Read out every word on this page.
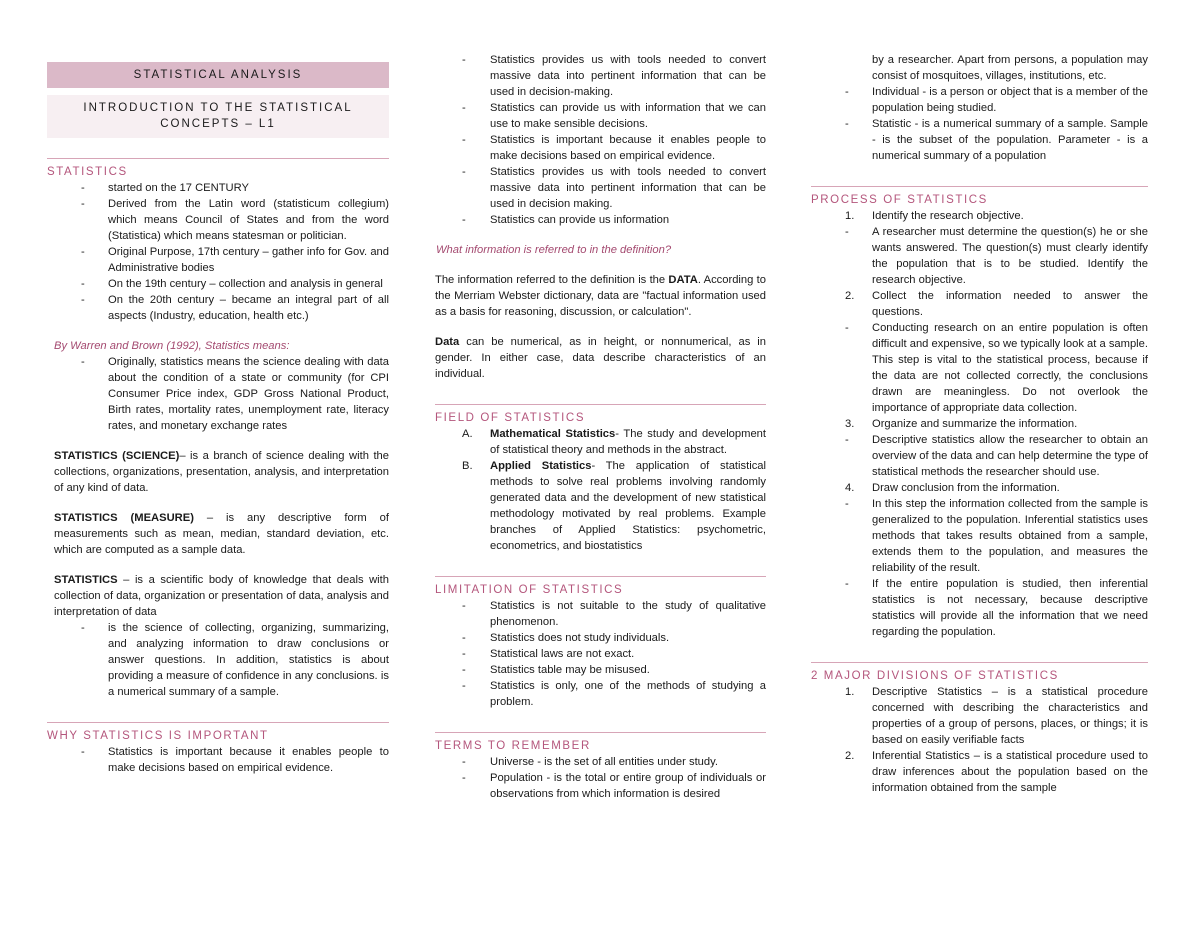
STATISTICAL ANALYSIS
INTRODUCTION TO THE STATISTICAL CONCEPTS – L1
STATISTICS
- started on the 17 CENTURY
- Derived from the Latin word (statisticum collegium) which means Council of States and from the word (Statistica) which means statesman or politician.
- Original Purpose, 17th century – gather info for Gov. and Administrative bodies
- On the 19th century – collection and analysis in general
- On the 20th century – became an integral part of all aspects (Industry, education, health etc.)
By Warren and Brown (1992), Statistics means:
- Originally, statistics means the science dealing with data about the condition of a state or community (for CPI Consumer Price index, GDP Gross National Product, Birth rates, mortality rates, unemployment rate, literacy rates, and monetary exchange rates
STATISTICS (SCIENCE)– is a branch of science dealing with the collections, organizations, presentation, analysis, and interpretation of any kind of data.
STATISTICS (MEASURE) – is any descriptive form of measurements such as mean, median, standard deviation, etc. which are computed as a sample data.
STATISTICS – is a scientific body of knowledge that deals with collection of data, organization or presentation of data, analysis and interpretation of data
- is the science of collecting, organizing, summarizing, and analyzing information to draw conclusions or answer questions. In addition, statistics is about providing a measure of confidence in any conclusions. is a numerical summary of a sample.
WHY STATISTICS IS IMPORTANT
- Statistics is important because it enables people to make decisions based on empirical evidence.
- Statistics provides us with tools needed to convert massive data into pertinent information that can be used in decision-making.
- Statistics can provide us with information that we can use to make sensible decisions.
- Statistics is important because it enables people to make decisions based on empirical evidence.
- Statistics provides us with tools needed to convert massive data into pertinent information that can be used in decision making.
- Statistics can provide us information
What information is referred to in the definition?
The information referred to the definition is the DATA. According to the Merriam Webster dictionary, data are "factual information used as a basis for reasoning, discussion, or calculation".
Data can be numerical, as in height, or nonnumerical, as in gender. In either case, data describe characteristics of an individual.
FIELD OF STATISTICS
A. Mathematical Statistics- The study and development of statistical theory and methods in the abstract.
B. Applied Statistics- The application of statistical methods to solve real problems involving randomly generated data and the development of new statistical methodology motivated by real problems. Example branches of Applied Statistics: psychometric, econometrics, and biostatistics
LIMITATION OF STATISTICS
- Statistics is not suitable to the study of qualitative phenomenon.
- Statistics does not study individuals.
- Statistical laws are not exact.
- Statistics table may be misused.
- Statistics is only, one of the methods of studying a problem.
TERMS TO REMEMBER
- Universe - is the set of all entities under study.
- Population - is the total or entire group of individuals or observations from which information is desired
by a researcher. Apart from persons, a population may consist of mosquitoes, villages, institutions, etc.
- Individual - is a person or object that is a member of the population being studied.
- Statistic - is a numerical summary of a sample. Sample - is the subset of the population. Parameter - is a numerical summary of a population
PROCESS OF STATISTICS
1. Identify the research objective.
- A researcher must determine the question(s) he or she wants answered. The question(s) must clearly identify the population that is to be studied. Identify the research objective.
2. Collect the information needed to answer the questions.
- Conducting research on an entire population is often difficult and expensive, so we typically look at a sample. This step is vital to the statistical process, because if the data are not collected correctly, the conclusions drawn are meaningless. Do not overlook the importance of appropriate data collection.
3. Organize and summarize the information.
- Descriptive statistics allow the researcher to obtain an overview of the data and can help determine the type of statistical methods the researcher should use.
4. Draw conclusion from the information.
- In this step the information collected from the sample is generalized to the population. Inferential statistics uses methods that takes results obtained from a sample, extends them to the population, and measures the reliability of the result.
- If the entire population is studied, then inferential statistics is not necessary, because descriptive statistics will provide all the information that we need regarding the population.
2 MAJOR DIVISIONS OF STATISTICS
1. Descriptive Statistics – is a statistical procedure concerned with describing the characteristics and properties of a group of persons, places, or things; it is based on easily verifiable facts
2. Inferential Statistics – is a statistical procedure used to draw inferences about the population based on the information obtained from the sample
